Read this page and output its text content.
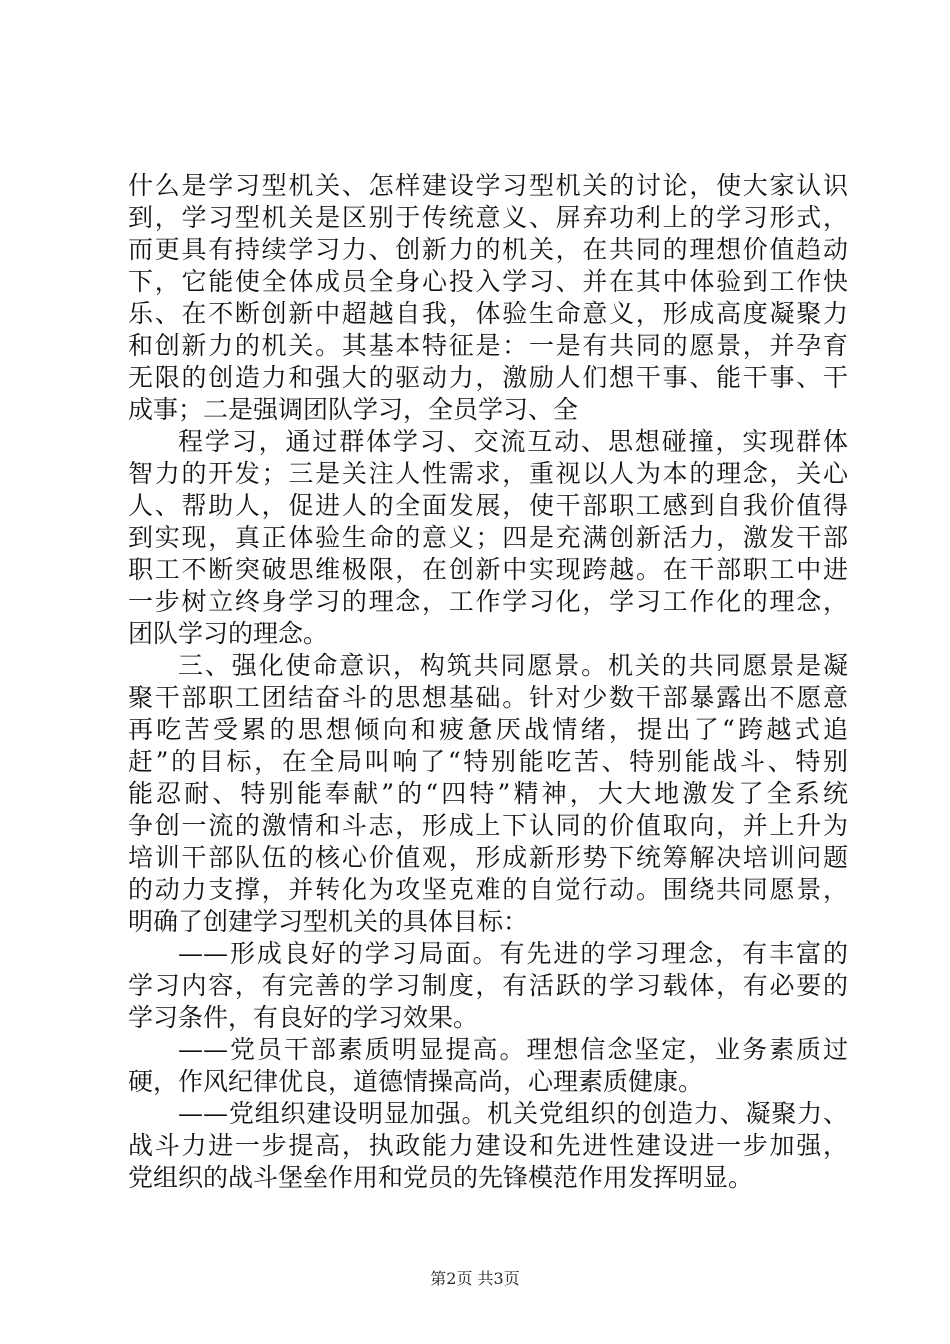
什么是学习型机关、怎样建设学习型机关的讨论，使大家认识
到，学习型机关是区别于传统意义、屏弃功利上的学习形式，
而更具有持续学习力、创新力的机关，在共同的理想价值趋动
下，它能使全体成员全身心投入学习、并在其中体验到工作快
乐、在不断创新中超越自我，体验生命意义，形成高度凝聚力
和创新力的机关。其基本特征是：一是有共同的愿景，并孕育
无限的创造力和强大的驱动力，激励人们想干事、能干事、干
成事；二是强调团队学习，全员学习、全
程学习，通过群体学习、交流互动、思想碰撞，实现群体
智力的开发；三是关注人性需求，重视以人为本的理念，关心
人、帮助人，促进人的全面发展，使干部职工感到自我价值得
到实现，真正体验生命的意义；四是充满创新活力，激发干部
职工不断突破思维极限，在创新中实现跨越。在干部职工中进
一步树立终身学习的理念，工作学习化，学习工作化的理念，
团队学习的理念。
三、强化使命意识，构筑共同愿景。机关的共同愿景是凝
聚干部职工团结奋斗的思想基础。针对少数干部暴露出不愿意
再吃苦受累的思想倾向和疲惫厌战情绪，提出了“跨越式追
赶”的目标，在全局叫响了“特别能吃苦、特别能战斗、特别
能忍耐、特别能奉献”的“四特”精神，大大地激发了全系统
争创一流的激情和斗志，形成上下认同的价值取向，并上升为
培训干部队伍的核心价值观，形成新形势下统筹解决培训问题
的动力支撑，并转化为攻坚克难的自觉行动。围绕共同愿景，
明确了创建学习型机关的具体目标：
——形成良好的学习局面。有先进的学习理念，有丰富的
学习内容，有完善的学习制度，有活跃的学习载体，有必要的
学习条件，有良好的学习效果。
——党员干部素质明显提高。理想信念坚定，业务素质过
硬，作风纪律优良，道德情操高尚，心理素质健康。
——党组织建设明显加强。机关党组织的创造力、凝聚力、
战斗力进一步提高，执政能力建设和先进性建设进一步加强，
党组织的战斗堡垒作用和党员的先锋模范作用发挥明显。
第2页 共3页
